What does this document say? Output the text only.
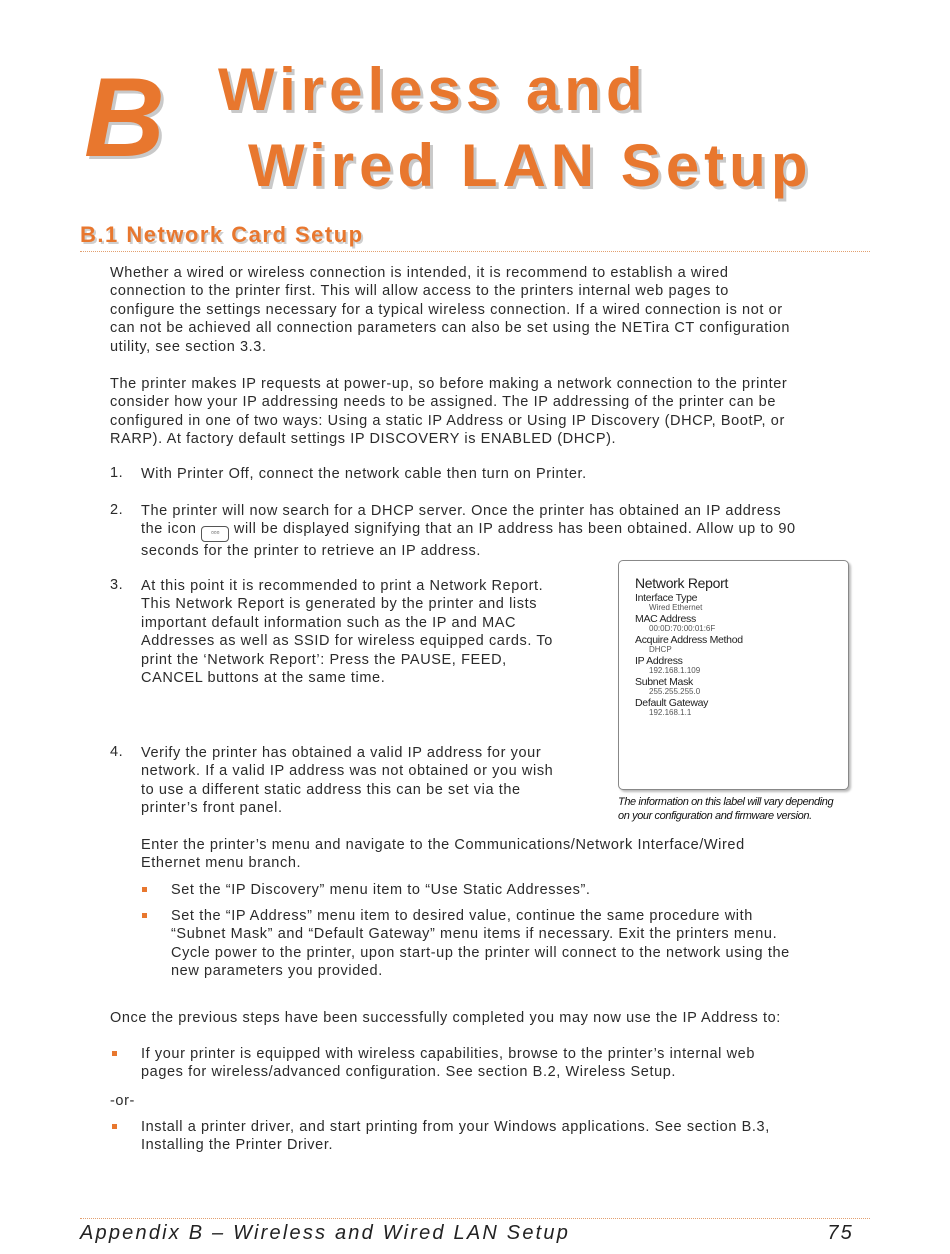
B Wireless and
Wired LAN Setup
B.1 Network Card Setup
Whether a wired or wireless connection is intended, it is recommend to establish a wired
connection to the printer first. This will allow access to the printers internal web pages to
configure the settings necessary for a typical wireless connection. If a wired connection is not or
can not be achieved all connection parameters can also be set using the NETira CT configuration
utility, see section 3.3.
The printer makes IP requests at power-up, so before making a network connection to the printer
consider how your IP addressing needs to be assigned. The IP addressing of the printer can be
configured in one of two ways: Using a static IP Address or Using IP Discovery (DHCP, BootP, or
RARP). At factory default settings IP DISCOVERY is ENABLED (DHCP).
1. With Printer Off, connect the network cable then turn on Printer.
2. The printer will now search for a DHCP server. Once the printer has obtained an IP address
the icon ▫▫▫ will be displayed signifying that an IP address has been obtained. Allow up to 90
seconds for the printer to retrieve an IP address.
3. At this point it is recommended to print a Network Report.
This Network Report is generated by the printer and lists
important default information such as the IP and MAC
Addresses as well as SSID for wireless equipped cards. To
print the ‘Network Report’: Press the PAUSE, FEED,
CANCEL buttons at the same time.
Network Report
Interface Type
Wired Ethernet
MAC Address
00:0D:70:00:01:6F
Acquire Address Method
DHCP
IP Address
192.168.1.109
Subnet Mask
255.255.255.0
Default Gateway
192.168.1.1
The information on this label will vary depending
on your configuration and firmware version.
4. Verify the printer has obtained a valid IP address for your
network. If a valid IP address was not obtained or you wish
to use a different static address this can be set via the
printer’s front panel.
Enter the printer’s menu and navigate to the Communications/Network Interface/Wired
Ethernet menu branch.
Set the “IP Discovery” menu item to “Use Static Addresses”.
Set the “IP Address” menu item to desired value, continue the same procedure with
“Subnet Mask” and “Default Gateway” menu items if necessary. Exit the printers menu.
Cycle power to the printer, upon start-up the printer will connect to the network using the
new parameters you provided.
Once the previous steps have been successfully completed you may now use the IP Address to:
If your printer is equipped with wireless capabilities, browse to the printer’s internal web
pages for wireless/advanced configuration. See section B.2, Wireless Setup.
-or-
Install a printer driver, and start printing from your Windows applications. See section B.3,
Installing the Printer Driver.
Appendix B – Wireless and Wired LAN Setup	75
